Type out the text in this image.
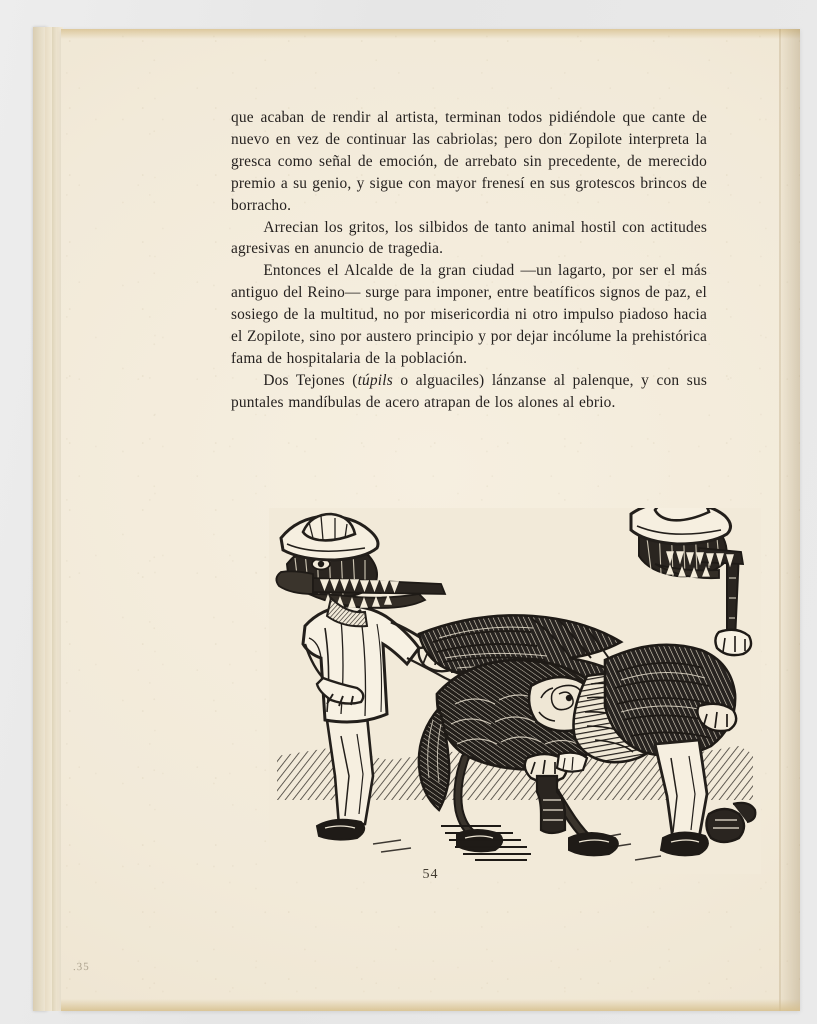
que acaban de rendir al artista, terminan todos pidiéndole que cante de nuevo en vez de continuar las cabriolas; pero don Zopilote interpreta la gresca como señal de emoción, de arrebato sin precedente, de merecido premio a su genio, y sigue con mayor frenesí en sus grotescos brincos de borracho.

Arrecian los gritos, los silbidos de tanto animal hostil con actitudes agresivas en anuncio de tragedia.

Entonces el Alcalde de la gran ciudad —un lagarto, por ser el más antiguo del Reino— surge para imponer, entre beatíficos signos de paz, el sosiego de la multitud, no por misericordia ni otro impulso piadoso hacia el Zopilote, sino por austero principio y por dejar incólume la prehistórica fama de hospitalaria de la población.

Dos Tejones (túpils o alguaciles) lánzanse al palenque, y con sus puntales mandíbulas de acero atrapan de los alones al ebrio.

54
.35
